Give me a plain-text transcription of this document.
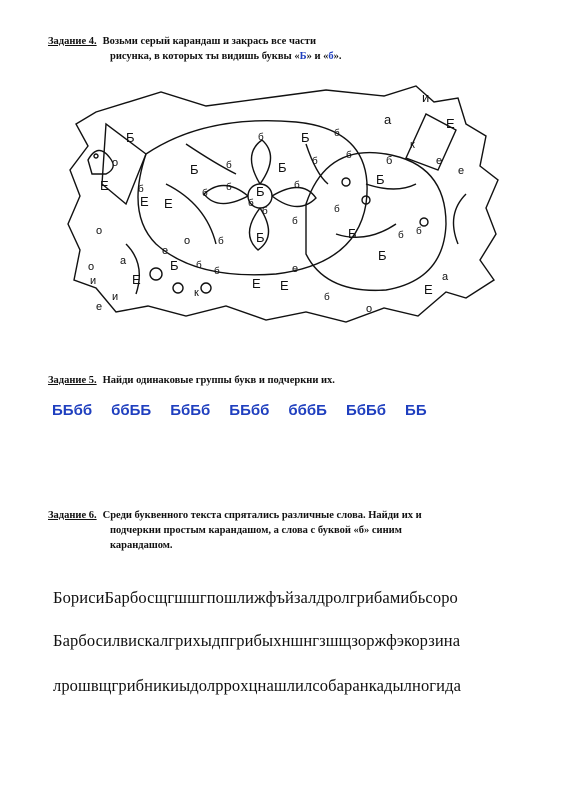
Задание 4. Возьми серый карандаш и закрась все части
рисунка, в которых ты видишь буквы «Б» и «б».
и
Е
а
Б
б	б
к
е
е
о
Б
б
Б	Б	б
б
Б
б
Е
Е
б	б
б
б
Б	б
б
о
е
Е
о	б
б
б
Б	Б	б б
а
о
Е
и
Б б
б
Б
е
а
Е
е
к	Е
б
и	Е
о
Задание 5. Найди одинаковые группы букв и подчеркни их.
ББбб ббББ БбБб ББбб бббБ БбБб ББ
Задание 6. Среди буквенного текста спрятались различные слова. Найди их и
подчеркни простым карандашом, а слова с буквой «б» синим
карандашом.
БорисиБарбосщгшшгпошлижфъйзалдролгрибамибьсоро
Барбосилвискалгрихыдпгрибыхншнгзшщзоржфэкорзина
лрошвщгрибникиыдолрроxцнашлилсобаранкадылногида
